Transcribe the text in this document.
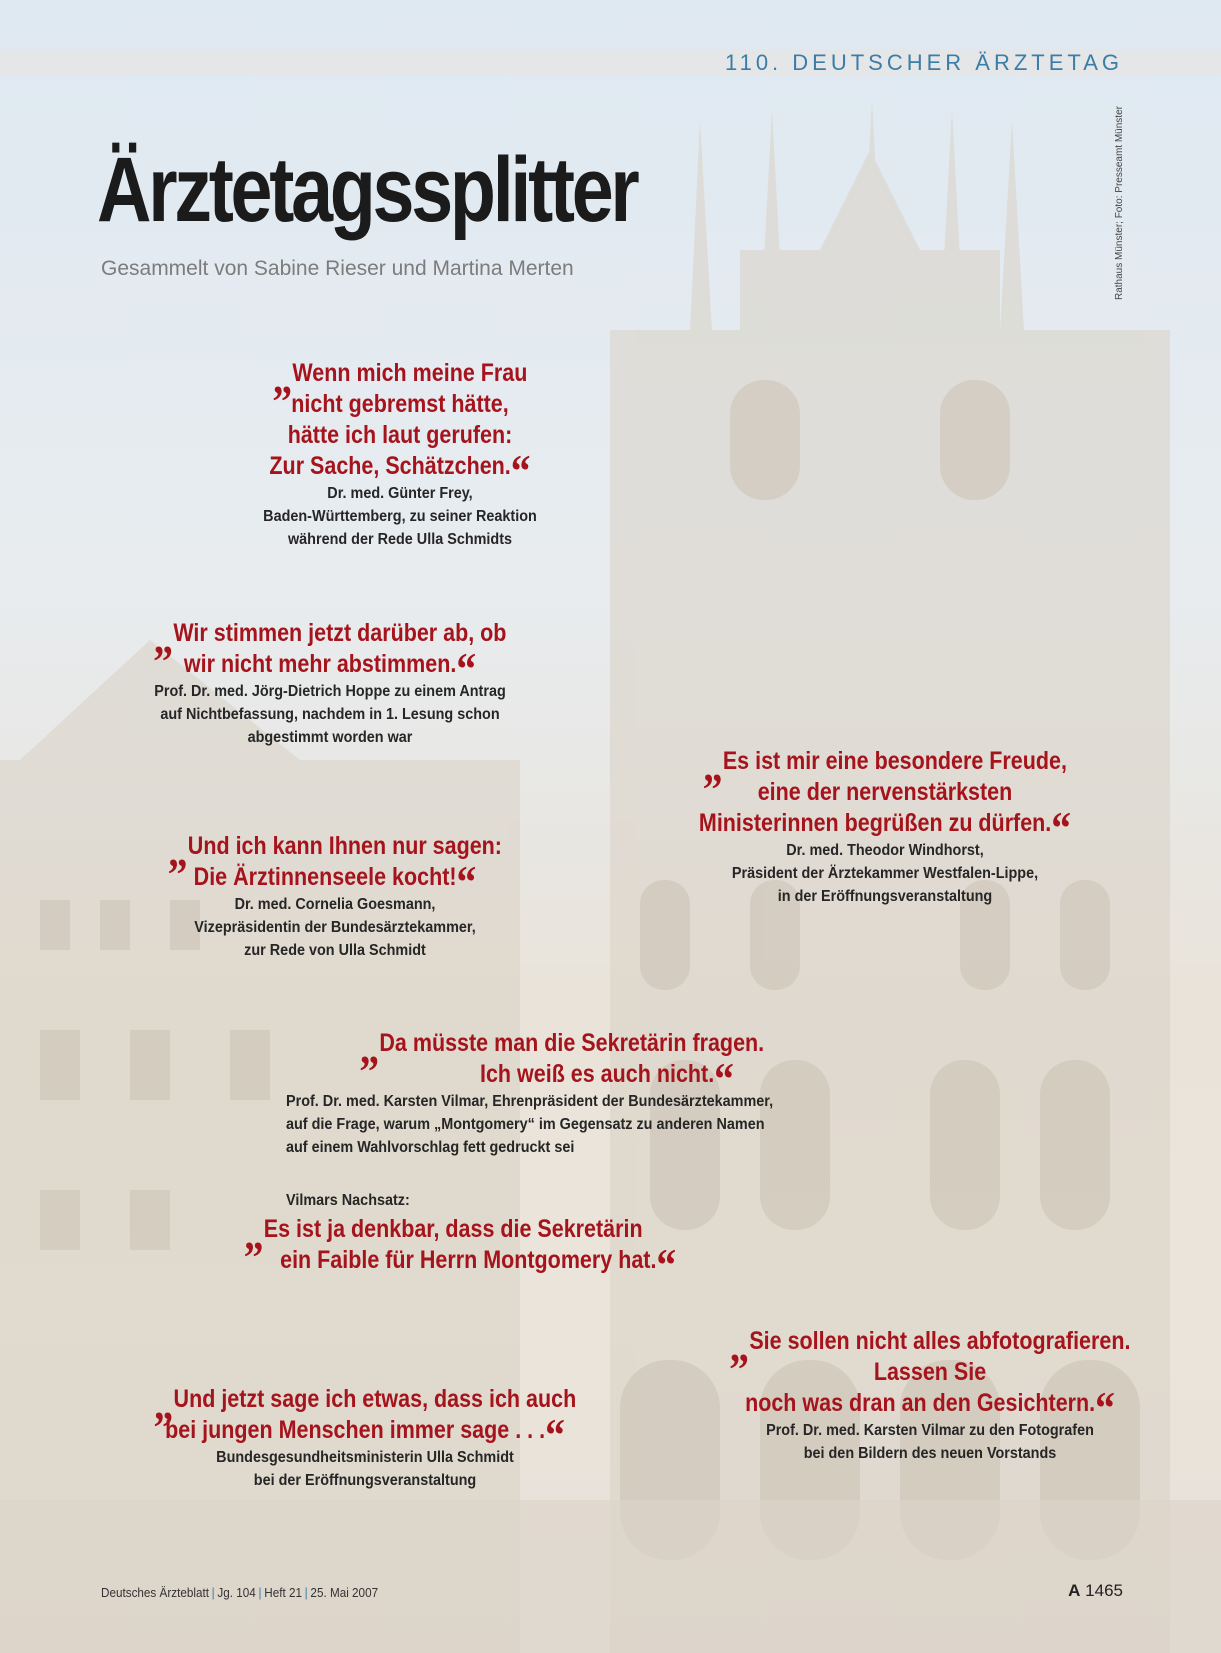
110. DEUTSCHER ÄRZTETAG
Ärztetagssplitter
Gesammelt von Sabine Rieser und Martina Merten	Rathaus Münster; Foto: Presseamt Münster
„Wenn mich meine Frau
nicht gebremst hätte,
hätte ich laut gerufen:
Zur Sache, Schätzchen.“
Dr. med. Günter Frey,
Baden-Württemberg, zu seiner Reaktion
während der Rede Ulla Schmidts
„Wir stimmen jetzt darüber ab, ob
wir nicht mehr abstimmen.“
Prof. Dr. med. Jörg-Dietrich Hoppe zu einem Antrag
auf Nichtbefassung, nachdem in 1. Lesung schon
abgestimmt worden war
„Es ist mir eine besondere Freude,
eine der nervenstärksten
Ministerinnen begrüßen zu dürfen.“
Dr. med. Theodor Windhorst,
Präsident der Ärztekammer Westfalen-Lippe,
in der Eröffnungsveranstaltung
„Und ich kann Ihnen nur sagen:
Die Ärztinnenseele kocht!“
Dr. med. Cornelia Goesmann,
Vizepräsidentin der Bundesärztekammer,
zur Rede von Ulla Schmidt
„Da müsste man die Sekretärin fragen.
Ich weiß es auch nicht.“
Prof. Dr. med. Karsten Vilmar, Ehrenpräsident der Bundesärztekammer,
auf die Frage, warum „Montgomery“ im Gegensatz zu anderen Namen
auf einem Wahlvorschlag fett gedruckt sei
Vilmars Nachsatz:
„Es ist ja denkbar, dass die Sekretärin
ein Faible für Herrn Montgomery hat.“
„Sie sollen nicht alles abfotografieren.
Lassen Sie
noch was dran an den Gesichtern.“
Prof. Dr. med. Karsten Vilmar zu den Fotografen
bei den Bildern des neuen Vorstands
„Und jetzt sage ich etwas, dass ich auch
bei jungen Menschen immer sage . . .“
Bundesgesundheitsministerin Ulla Schmidt
bei der Eröffnungsveranstaltung
Deutsches Ärzteblatt | Jg. 104 | Heft 21 | 25. Mai 2007	A 1465
